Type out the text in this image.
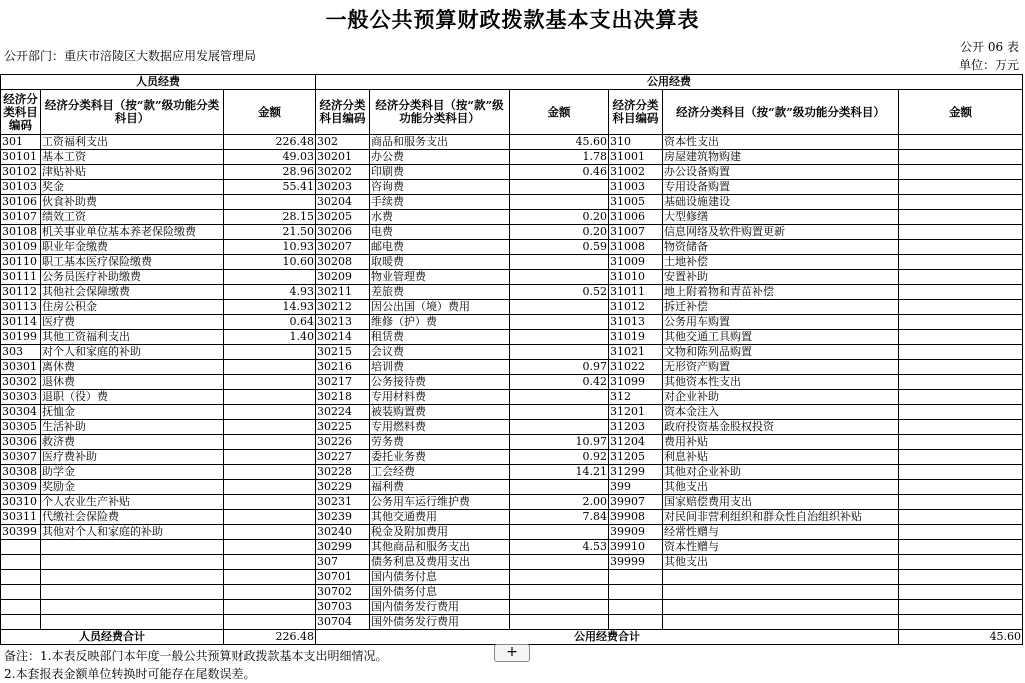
一般公共预算财政拨款基本支出决算表
公开部门：重庆市涪陵区大数据应用发展管理局
公开 06 表
单位：万元
人员经费			公用经费					
经济分类科目编码	经济分类科目（按“款”级功能分类科目）	金额	经济分类科目编码	经济分类科目（按“款”级功能分类科目）	金额	经济分类科目编码	经济分类科目（按“款”级功能分类科目）	金额
301	工资福利支出	226.48	302	商品和服务支出	45.60	310	资本性支出	
30101	基本工资	49.03	30201	办公费	1.78	31001	房屋建筑物购建	
30102	津贴补贴	28.96	30202	印刷费	0.46	31002	办公设备购置	
30103	奖金	55.41	30203	咨询费		31003	专用设备购置	
30106	伙食补助费		30204	手续费		31005	基础设施建设	
30107	绩效工资	28.15	30205	水费	0.20	31006	大型修缮	
30108	机关事业单位基本养老保险缴费	21.50	30206	电费	0.20	31007	信息网络及软件购置更新	
30109	职业年金缴费	10.93	30207	邮电费	0.59	31008	物资储备	
30110	职工基本医疗保险缴费	10.60	30208	取暖费		31009	土地补偿	
30111	公务员医疗补助缴费		30209	物业管理费		31010	安置补助	
30112	其他社会保障缴费	4.93	30211	差旅费	0.52	31011	地上附着物和青苗补偿	
30113	住房公积金	14.93	30212	因公出国（境）费用		31012	拆迁补偿	
30114	医疗费	0.64	30213	维修（护）费		31013	公务用车购置	
30199	其他工资福利支出	1.40	30214	租赁费		31019	其他交通工具购置	
303	对个人和家庭的补助		30215	会议费		31021	文物和陈列品购置	
30301	离休费		30216	培训费	0.97	31022	无形资产购置	
30302	退休费		30217	公务接待费	0.42	31099	其他资本性支出	
30303	退职（役）费		30218	专用材料费		312	对企业补助	
30304	抚恤金		30224	被装购置费		31201	资本金注入	
30305	生活补助		30225	专用燃料费		31203	政府投资基金股权投资	
30306	救济费		30226	劳务费	10.97	31204	费用补贴	
30307	医疗费补助		30227	委托业务费	0.92	31205	利息补贴	
30308	助学金		30228	工会经费	14.21	31299	其他对企业补助	
30309	奖励金		30229	福利费		399	其他支出	
30310	个人农业生产补贴		30231	公务用车运行维护费	2.00	39907	国家赔偿费用支出	
30311	代缴社会保险费		30239	其他交通费用	7.84	39908	对民间非营利组织和群众性自治组织补贴	
30399	其他对个人和家庭的补助		30240	税金及附加费用		39909	经常性赠与	
			30299	其他商品和服务支出	4.53	39910	资本性赠与	
			307	债务利息及费用支出		39999	其他支出	
			30701	国内债务付息				
			30702	国外债务付息				
			30703	国内债务发行费用				
			30704	国外债务发行费用				
人员经费合计		226.48	公用经费合计					45.60
备注：1.本表反映部门本年度一般公共预算财政拨款基本支出明细情况。
2.本套报表金额单位转换时可能存在尾数误差。
+
